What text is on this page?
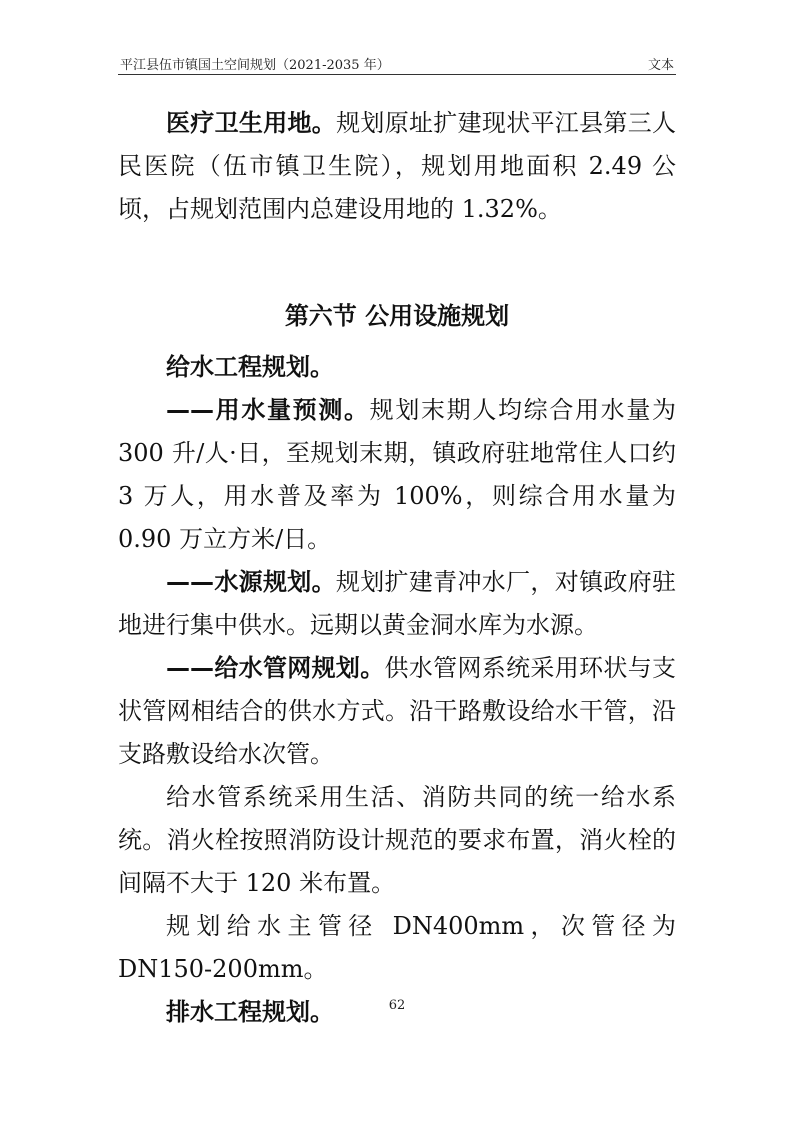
平江县伍市镇国土空间规划（2021-2035 年）	文本

医疗卫生用地。规划原址扩建现状平江县第三人民医院（伍市镇卫生院），规划用地面积 2.49 公顷，占规划范围内总建设用地的 1.32%。

第六节 公用设施规划

给水工程规划。

——用水量预测。规划末期人均综合用水量为 300 升/人·日，至规划末期，镇政府驻地常住人口约 3 万人，用水普及率为 100%，则综合用水量为 0.90 万立方米/日。

——水源规划。规划扩建青冲水厂，对镇政府驻地进行集中供水。远期以黄金洞水库为水源。

——给水管网规划。供水管网系统采用环状与支状管网相结合的供水方式。沿干路敷设给水干管，沿支路敷设给水次管。

给水管系统采用生活、消防共同的统一给水系统。消火栓按照消防设计规范的要求布置，消火栓的间隔不大于 120 米布置。

规划给水主管径 DN400mm，次管径为 DN150-200mm。

排水工程规划。	62
